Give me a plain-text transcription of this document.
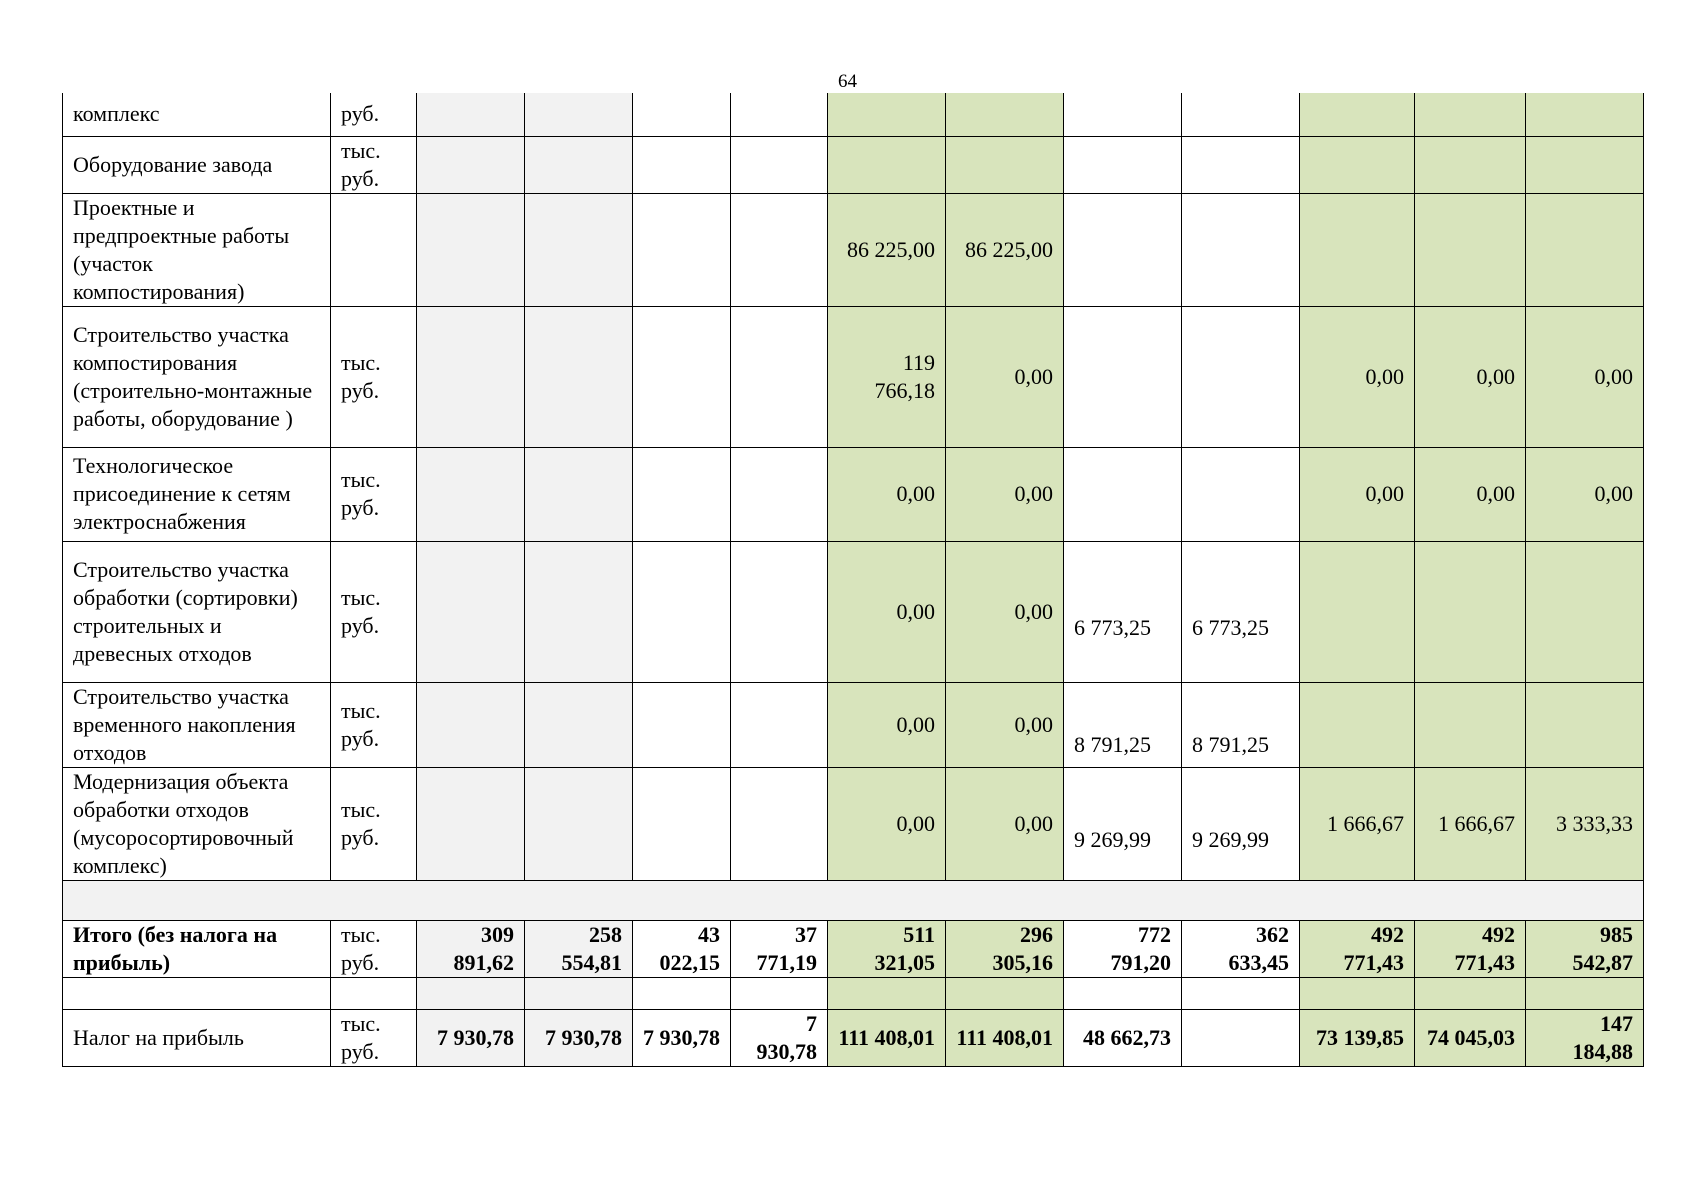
64
комплекс	руб.											
Оборудование завода	тыс. руб.											
Проектные и предпроектные работы (участок компостирования)						86 225,00	86 225,00					
Строительство участка компостирования (строительно-монтажные работы, оборудование )	тыс. руб.					119 766,18	0,00			0,00	0,00	0,00
Технологическое присоединение к сетям электроснабжения	тыс. руб.					0,00	0,00			0,00	0,00	0,00
Строительство участка обработки (сортировки) строительных и древесных отходов	тыс. руб.					0,00	0,00	6 773,25	6 773,25			
Строительство участка временного накопления отходов	тыс. руб.					0,00	0,00	8 791,25	8 791,25			
Модернизация объекта обработки отходов (мусоросортировочный комплекс)	тыс. руб.					0,00	0,00	9 269,99	9 269,99	1 666,67	1 666,67	3 333,33

Итого (без налога на прибыль)	тыс. руб.	309 891,62	258 554,81	43 022,15	37 771,19	511 321,05	296 305,16	772 791,20	362 633,45	492 771,43	492 771,43	985 542,87

Налог на прибыль	тыс. руб.	7 930,78	7 930,78	7 930,78	7 930,78	111 408,01	111 408,01	48 662,73		73 139,85	74 045,03	147 184,88
